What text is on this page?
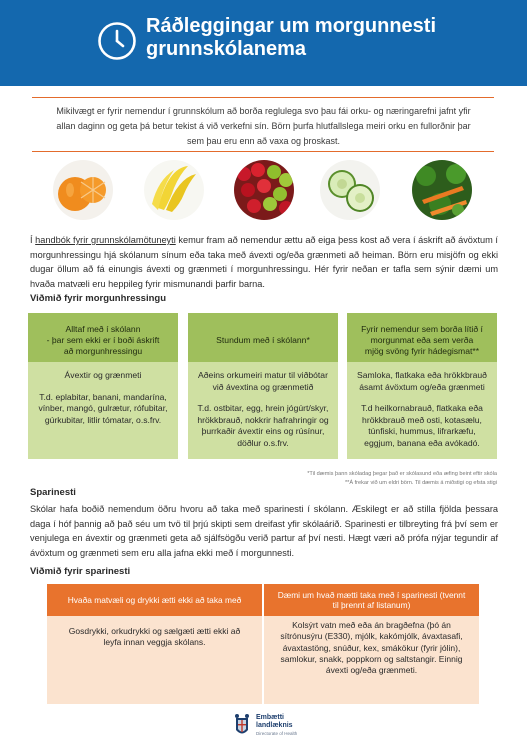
Ráðleggingar um morgunnesti grunnskólanema
Mikilvægt er fyrir nemendur í grunnskólum að borða reglulega svo þau fái orku- og næringarefni jafnt yfir allan daginn og geta þá betur tekist á við verkefni sín. Börn þurfa hlutfallslega meiri orku en fullorðnir þar sem þau eru enn að vaxa og þroskast.
Í handbók fyrir grunnskólamötuneyti kemur fram að nemendur ættu að eiga þess kost að vera í áskrift að ávöxtum í morgunhressingu hjá skólanum sínum eða taka með ávexti og/eða grænmeti að heiman. Börn eru misjöfn og ekki dugar öllum að fá einungis ávexti og grænmeti í morgunhressingu. Hér fyrir neðan er tafla sem sýnir dæmi um hvaða matvæli eru heppileg fyrir mismunandi þarfir barna.
Viðmið fyrir morgunhressingu
Alltaf með í skólann
- þar sem ekki er í boði áskrift
að morgunhressingu

Ávextir og grænmeti

T.d. eplabitar, banani, mandarína, vínber, mangó, gulrætur, rófubitar, gúrkubitar, litlir tómatar, o.s.frv.

Stundum með í skólann*

Aðeins orkumeiri matur til viðbótar við ávextina og grænmetið

T.d. ostbitar, egg, hrein jógúrt/skyr, hrökkbrauð, nokkrir hafrahringir og þurrkaðir ávextir eins og rúsínur, döðlur o.s.frv.

Fyrir nemendur sem borða lítið í
morgunmat eða sem verða
mjög svöng fyrir hádegismat**

Samloka, flatkaka eða hrökkbrauð ásamt ávöxtum og/eða grænmeti

T.d heilkornabrauð, flatkaka eða hrökkbrauð með osti, kotasælu, túnfiski, hummus, lifrarkæfu, eggjum, banana eða avókadó.

*Til dæmis þann skóladag þegar það er skólasund eða æfing beint eftir skóla
**Á frekar við um eldri börn. Til dæmis á miðstigi og efsta stigi
Sparinesti
Skólar hafa boðið nemendum öðru hvoru að taka með sparinesti í skólann. Æskilegt er að stilla fjölda þessara daga í hóf þannig að það séu um tvö til þrjú skipti sem dreifast yfir skólaárið. Sparinesti er tilbreyting frá því sem er venjulega en ávextir og grænmeti geta að sjálfsögðu verið partur af því nesti. Hægt væri að prófa nýjar tegundir af ávöxtum og grænmeti sem eru alla jafna ekki með í morgunnesti.
Viðmið fyrir sparinesti
Hvaða matvæli og drykki ætti ekki að taka með
Gosdrykki, orkudrykki og sælgæti ætti ekki að leyfa innan veggja skólans.
Dæmi um hvað mætti taka með í sparinesti (tvennt til þrennt af listanum)
Kolsýrt vatn með eða án bragðefna (þó án sítrónusýru (E330), mjólk, kakómjólk, ávaxtasafi, ávaxtastöng, snúður, kex, smákökur (fyrir jólin), samlokur, snakk, poppkorn og saltstangir. Einnig ávexti og/eða grænmeti.
Embætti
landlæknis
Directorate of Health
